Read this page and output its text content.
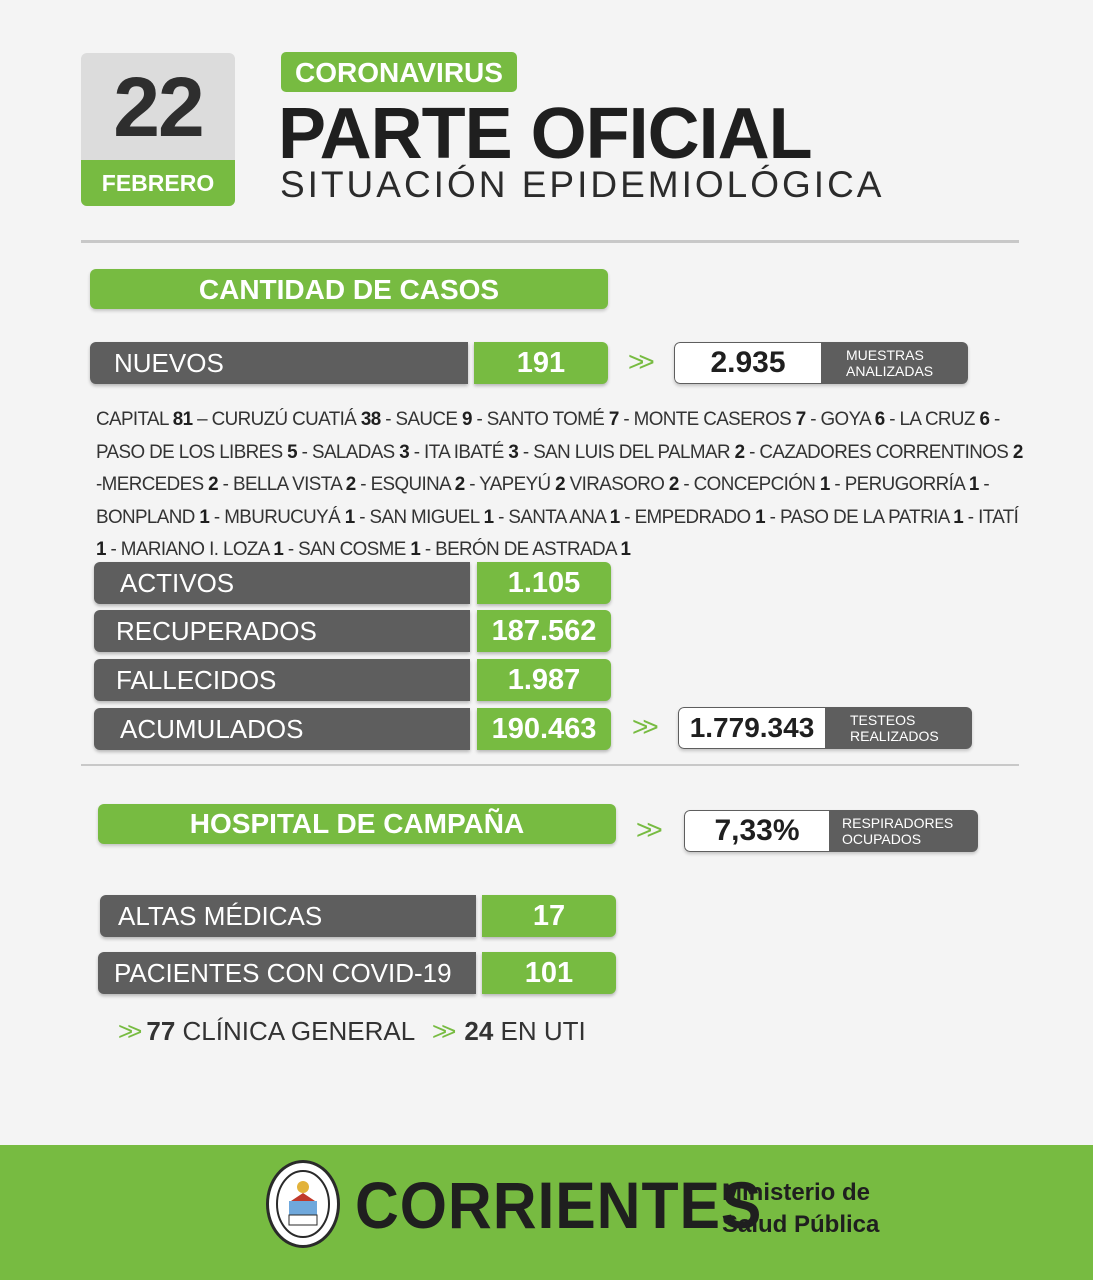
22
FEBRERO
CORONAVIRUS
PARTE OFICIAL
SITUACIÓN EPIDEMIOLÓGICA
CANTIDAD DE CASOS
NUEVOS	191	>>	2.935	MUESTRAS
ANALIZADAS
CAPITAL 81 – CURUZÚ CUATIÁ 38 - SAUCE 9 - SANTO TOMÉ 7 - MONTE CASEROS 7 - GOYA 6 - LA CRUZ 6 - PASO DE LOS LIBRES 5 - SALADAS 3 - ITA IBATÉ 3 - SAN LUIS DEL PALMAR 2 - CAZADORES CORRENTINOS 2 -MERCEDES 2 - BELLA VISTA 2 - ESQUINA 2 - YAPEYÚ 2 VIRASORO 2 - CONCEPCIÓN 1 - PERUGORRÍA 1 - BONPLAND 1 - MBURUCUYÁ 1 - SAN MIGUEL 1 - SANTA ANA 1 - EMPEDRADO 1 - PASO DE LA PATRIA 1 - ITATÍ 1 - MARIANO I. LOZA 1 - SAN COSME 1 - BERÓN DE ASTRADA 1
ACTIVOS	1.105
RECUPERADOS	187.562
FALLECIDOS	1.987
ACUMULADOS	190.463	>>	1.779.343	TESTEOS
REALIZADOS
HOSPITAL DE CAMPAÑA	>>	7,33%	RESPIRADORES
OCUPADOS
ALTAS MÉDICAS	17
PACIENTES CON COVID-19	101
>> 77 CLÍNICA GENERAL >> 24 EN UTI
CORRIENTES
Ministerio de
Salud Pública
